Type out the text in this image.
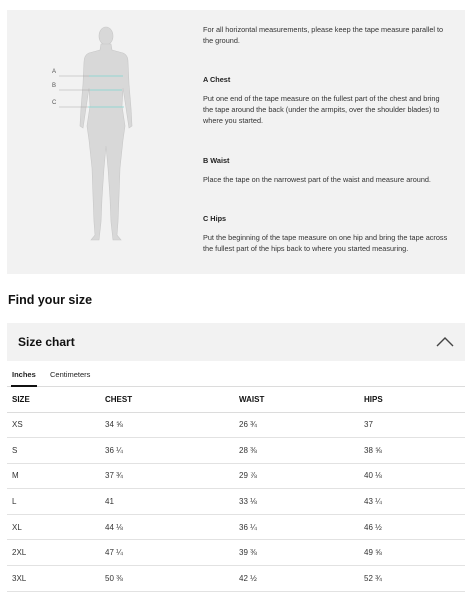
A
B
C
For all horizontal measurements, please keep the tape measure parallel to the ground.
A Chest
Put one end of the tape measure on the fullest part of the chest and bring the tape around the back (under the armpits, over the shoulder blades) to where you started.
B Waist
Place the tape on the narrowest part of the waist and measure around.
C Hips
Put the beginning of the tape measure on one hip and bring the tape across the fullest part of the hips back to where you started measuring.
Find your size
Size chart
Inches Centimeters
SIZE	CHEST	WAIST	HIPS
XS	34 ⅝	26 ¾	37
S	36 ¼	28 ⅜	38 ⅝
M	37 ¾	29 ⅞	40 ⅛
L	41	33 ⅛	43 ¼
XL	44 ⅛	36 ¼	46 ½
2XL	47 ¼	39 ⅜	49 ⅝
3XL	50 ⅜	42 ½	52 ¾
